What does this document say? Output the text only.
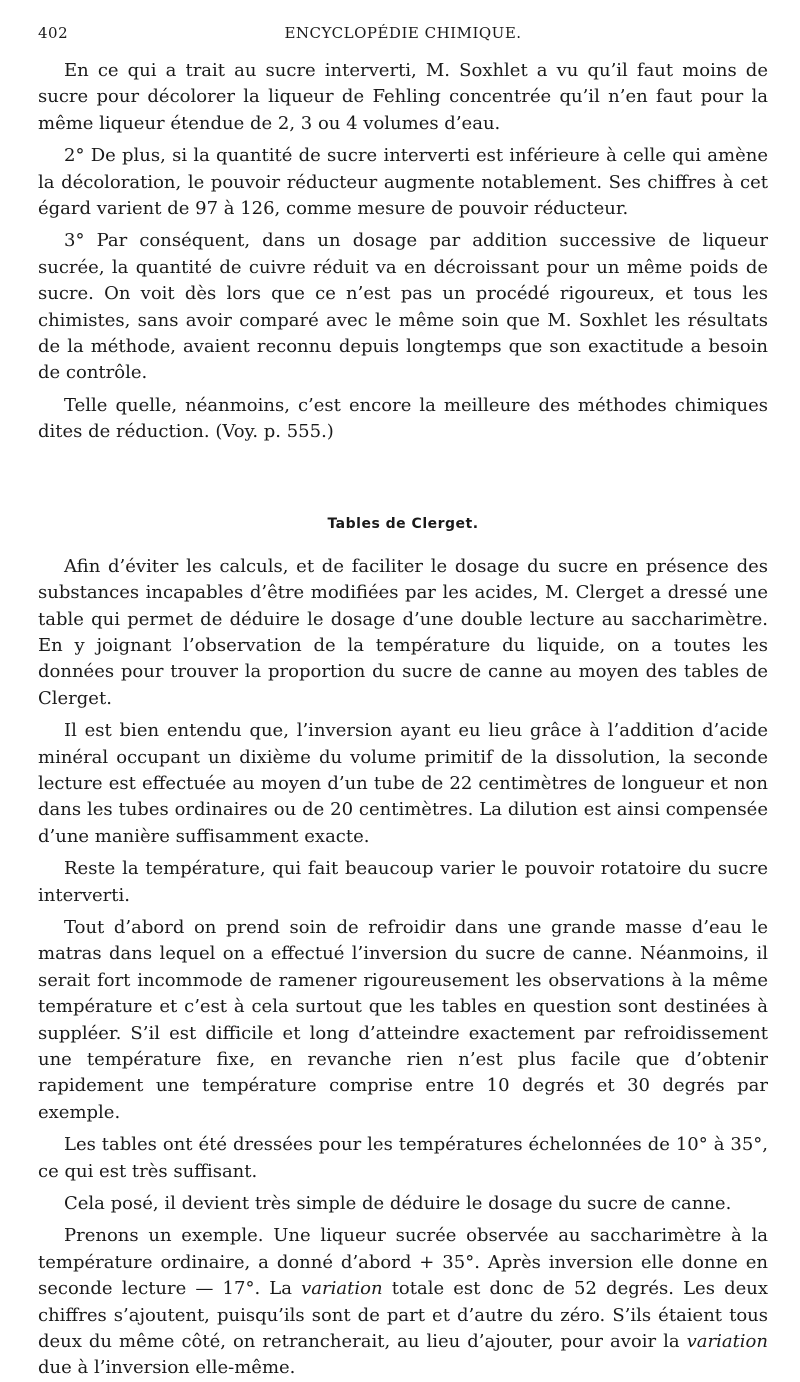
402	ENCYCLOPÉDIE CHIMIQUE.

En ce qui a trait au sucre interverti, M. Soxhlet a vu qu’il faut moins de sucre pour décolorer la liqueur de Fehling concentrée qu’il n’en faut pour la même liqueur étendue de 2, 3 ou 4 volumes d’eau.

2° De plus, si la quantité de sucre interverti est inférieure à celle qui amène la décoloration, le pouvoir réducteur augmente notablement. Ses chiffres à cet égard varient de 97 à 126, comme mesure de pouvoir réducteur.

3° Par conséquent, dans un dosage par addition successive de liqueur sucrée, la quantité de cuivre réduit va en décroissant pour un même poids de sucre. On voit dès lors que ce n’est pas un procédé rigoureux, et tous les chimistes, sans avoir comparé avec le même soin que M. Soxhlet les résultats de la méthode, avaient reconnu depuis longtemps que son exactitude a besoin de contrôle.

Telle quelle, néanmoins, c’est encore la meilleure des méthodes chimiques dites de réduction. (Voy. p. 555.)

Tables de Clerget.

Afin d’éviter les calculs, et de faciliter le dosage du sucre en présence des substances incapables d’être modifiées par les acides, M. Clerget a dressé une table qui permet de déduire le dosage d’une double lecture au saccharimètre. En y joignant l’observation de la température du liquide, on a toutes les données pour trouver la proportion du sucre de canne au moyen des tables de Clerget.

Il est bien entendu que, l’inversion ayant eu lieu grâce à l’addition d’acide minéral occupant un dixième du volume primitif de la dissolution, la seconde lecture est effectuée au moyen d’un tube de 22 centimètres de longueur et non dans les tubes ordinaires ou de 20 centimètres. La dilution est ainsi compensée d’une manière suffisamment exacte.

Reste la température, qui fait beaucoup varier le pouvoir rotatoire du sucre interverti.

Tout d’abord on prend soin de refroidir dans une grande masse d’eau le matras dans lequel on a effectué l’inversion du sucre de canne. Néanmoins, il serait fort incommode de ramener rigoureusement les observations à la même température et c’est à cela surtout que les tables en question sont destinées à suppléer. S’il est difficile et long d’atteindre exactement par refroidissement une température fixe, en revanche rien n’est plus facile que d’obtenir rapidement une température comprise entre 10 degrés et 30 degrés par exemple.

Les tables ont été dressées pour les températures échelonnées de 10° à 35°, ce qui est très suffisant.

Cela posé, il devient très simple de déduire le dosage du sucre de canne.

Prenons un exemple. Une liqueur sucrée observée au saccharimètre à la température ordinaire, a donné d’abord + 35°. Après inversion elle donne en seconde lecture — 17°. La variation totale est donc de 52 degrés. Les deux chiffres s’ajoutent, puisqu’ils sont de part et d’autre du zéro. S’ils étaient tous deux du même côté, on retrancherait, au lieu d’ajouter, pour avoir la variation due à l’inversion elle-même.
